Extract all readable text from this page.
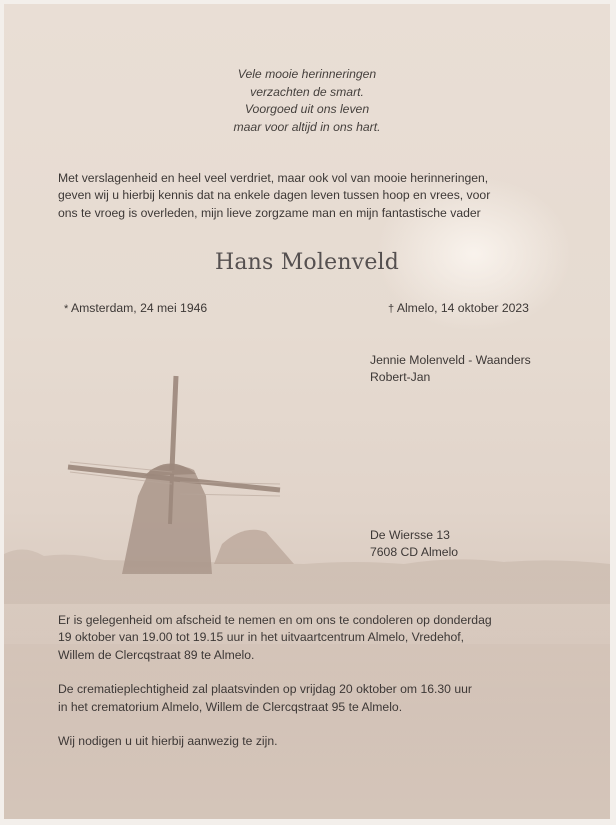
Vele mooie herinneringen
verzachten de smart.
Voorgoed uit ons leven
maar voor altijd in ons hart.
Met verslagenheid en heel veel verdriet, maar ook vol van mooie herinneringen,
geven wij u hierbij kennis dat na enkele dagen leven tussen hoop en vrees, voor
ons te vroeg is overleden, mijn lieve zorgzame man en mijn fantastische vader
Hans Molenveld
* Amsterdam, 24 mei 1946	† Almelo, 14 oktober 2023
Jennie Molenveld - Waanders
Robert-Jan
De Wiersse 13
7608 CD Almelo
Er is gelegenheid om afscheid te nemen en om ons te condoleren op donderdag
19 oktober van 19.00 tot 19.15 uur in het uitvaartcentrum Almelo, Vredehof,
Willem de Clercqstraat 89 te Almelo.
De crematieplechtigheid zal plaatsvinden op vrijdag 20 oktober om 16.30 uur
in het crematorium Almelo, Willem de Clercqstraat 95 te Almelo.
Wij nodigen u uit hierbij aanwezig te zijn.
